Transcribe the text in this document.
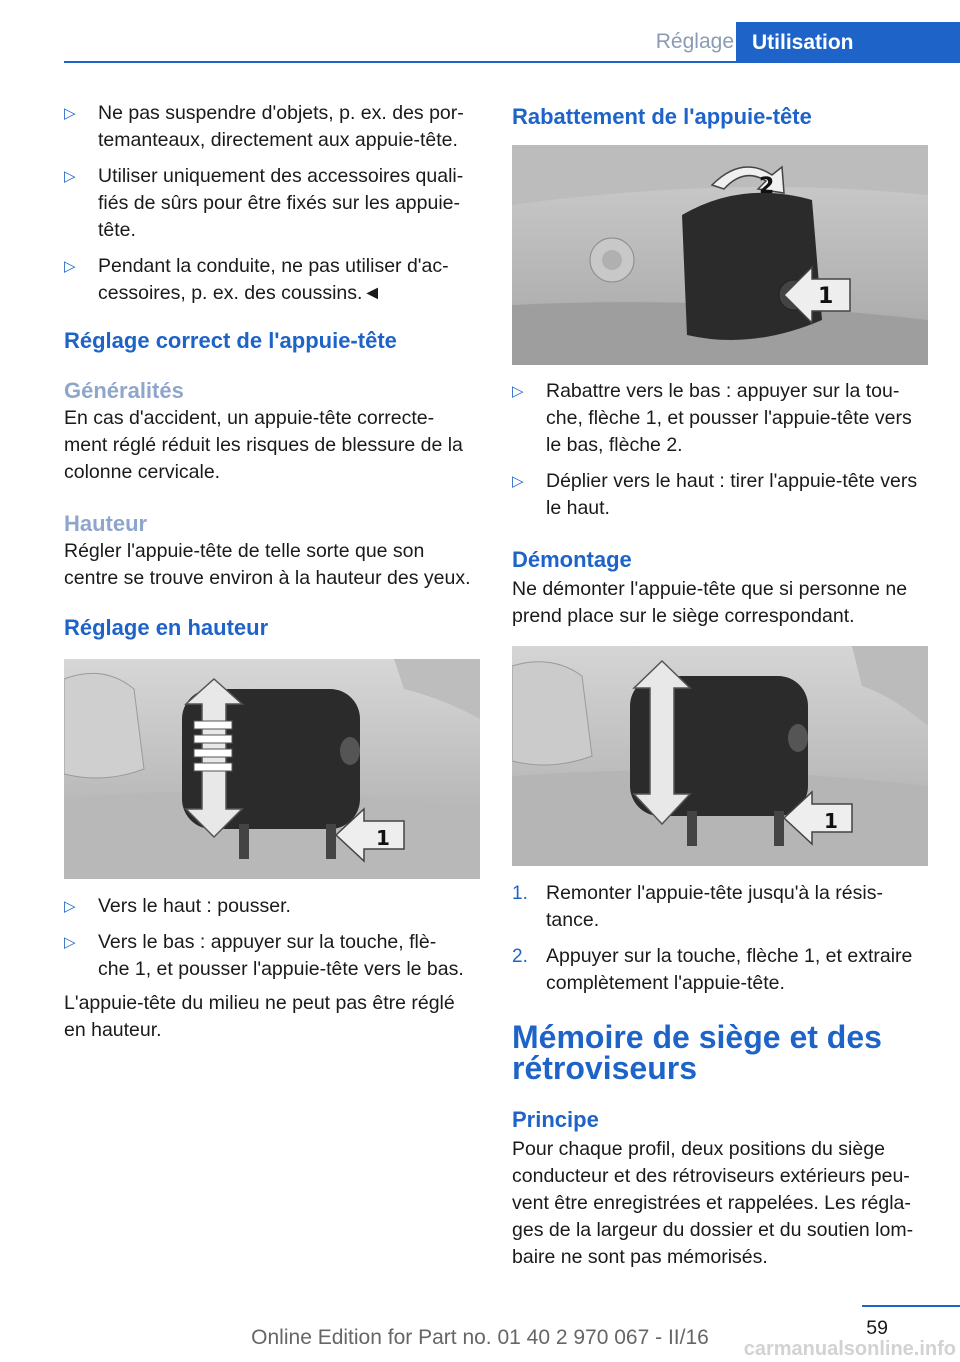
Réglage Utilisation
▷ Ne pas suspendre d'objets, p. ex. des por-
temanteaux, directement aux appuie-tête.
▷ Utiliser uniquement des accessoires quali-
fiés de sûrs pour être fixés sur les appuie-
tête.
▷ Pendant la conduite, ne pas utiliser d'ac-
cessoires, p. ex. des coussins.◄
Réglage correct de l'appuie-tête
Généralités
En cas d'accident, un appuie-tête correcte-
ment réglé réduit les risques de blessure de la
colonne cervicale.
Hauteur
Régler l'appuie-tête de telle sorte que son
centre se trouve environ à la hauteur des yeux.
Réglage en hauteur
1
▷ Vers le haut : pousser.
▷ Vers le bas : appuyer sur la touche, flè-
che 1, et pousser l'appuie-tête vers le bas.
L'appuie-tête du milieu ne peut pas être réglé
en hauteur.
Rabattement de l'appuie-tête
2
1
▷ Rabattre vers le bas : appuyer sur la tou-
che, flèche 1, et pousser l'appuie-tête vers
le bas, flèche 2.
▷ Déplier vers le haut : tirer l'appuie-tête vers
le haut.
Démontage
Ne démonter l'appuie-tête que si personne ne
prend place sur le siège correspondant.
1
1. Remonter l'appuie-tête jusqu'à la résis-
tance.
2. Appuyer sur la touche, flèche 1, et extraire
complètement l'appuie-tête.
Mémoire de siège et des
rétroviseurs
Principe
Pour chaque profil, deux positions du siège
conducteur et des rétroviseurs extérieurs peu-
vent être enregistrées et rappelées. Les régla-
ges de la largeur du dossier et du soutien lom-
baire ne sont pas mémorisés.
59
Online Edition for Part no. 01 40 2 970 067 - II/16	carmanualsonline.info
